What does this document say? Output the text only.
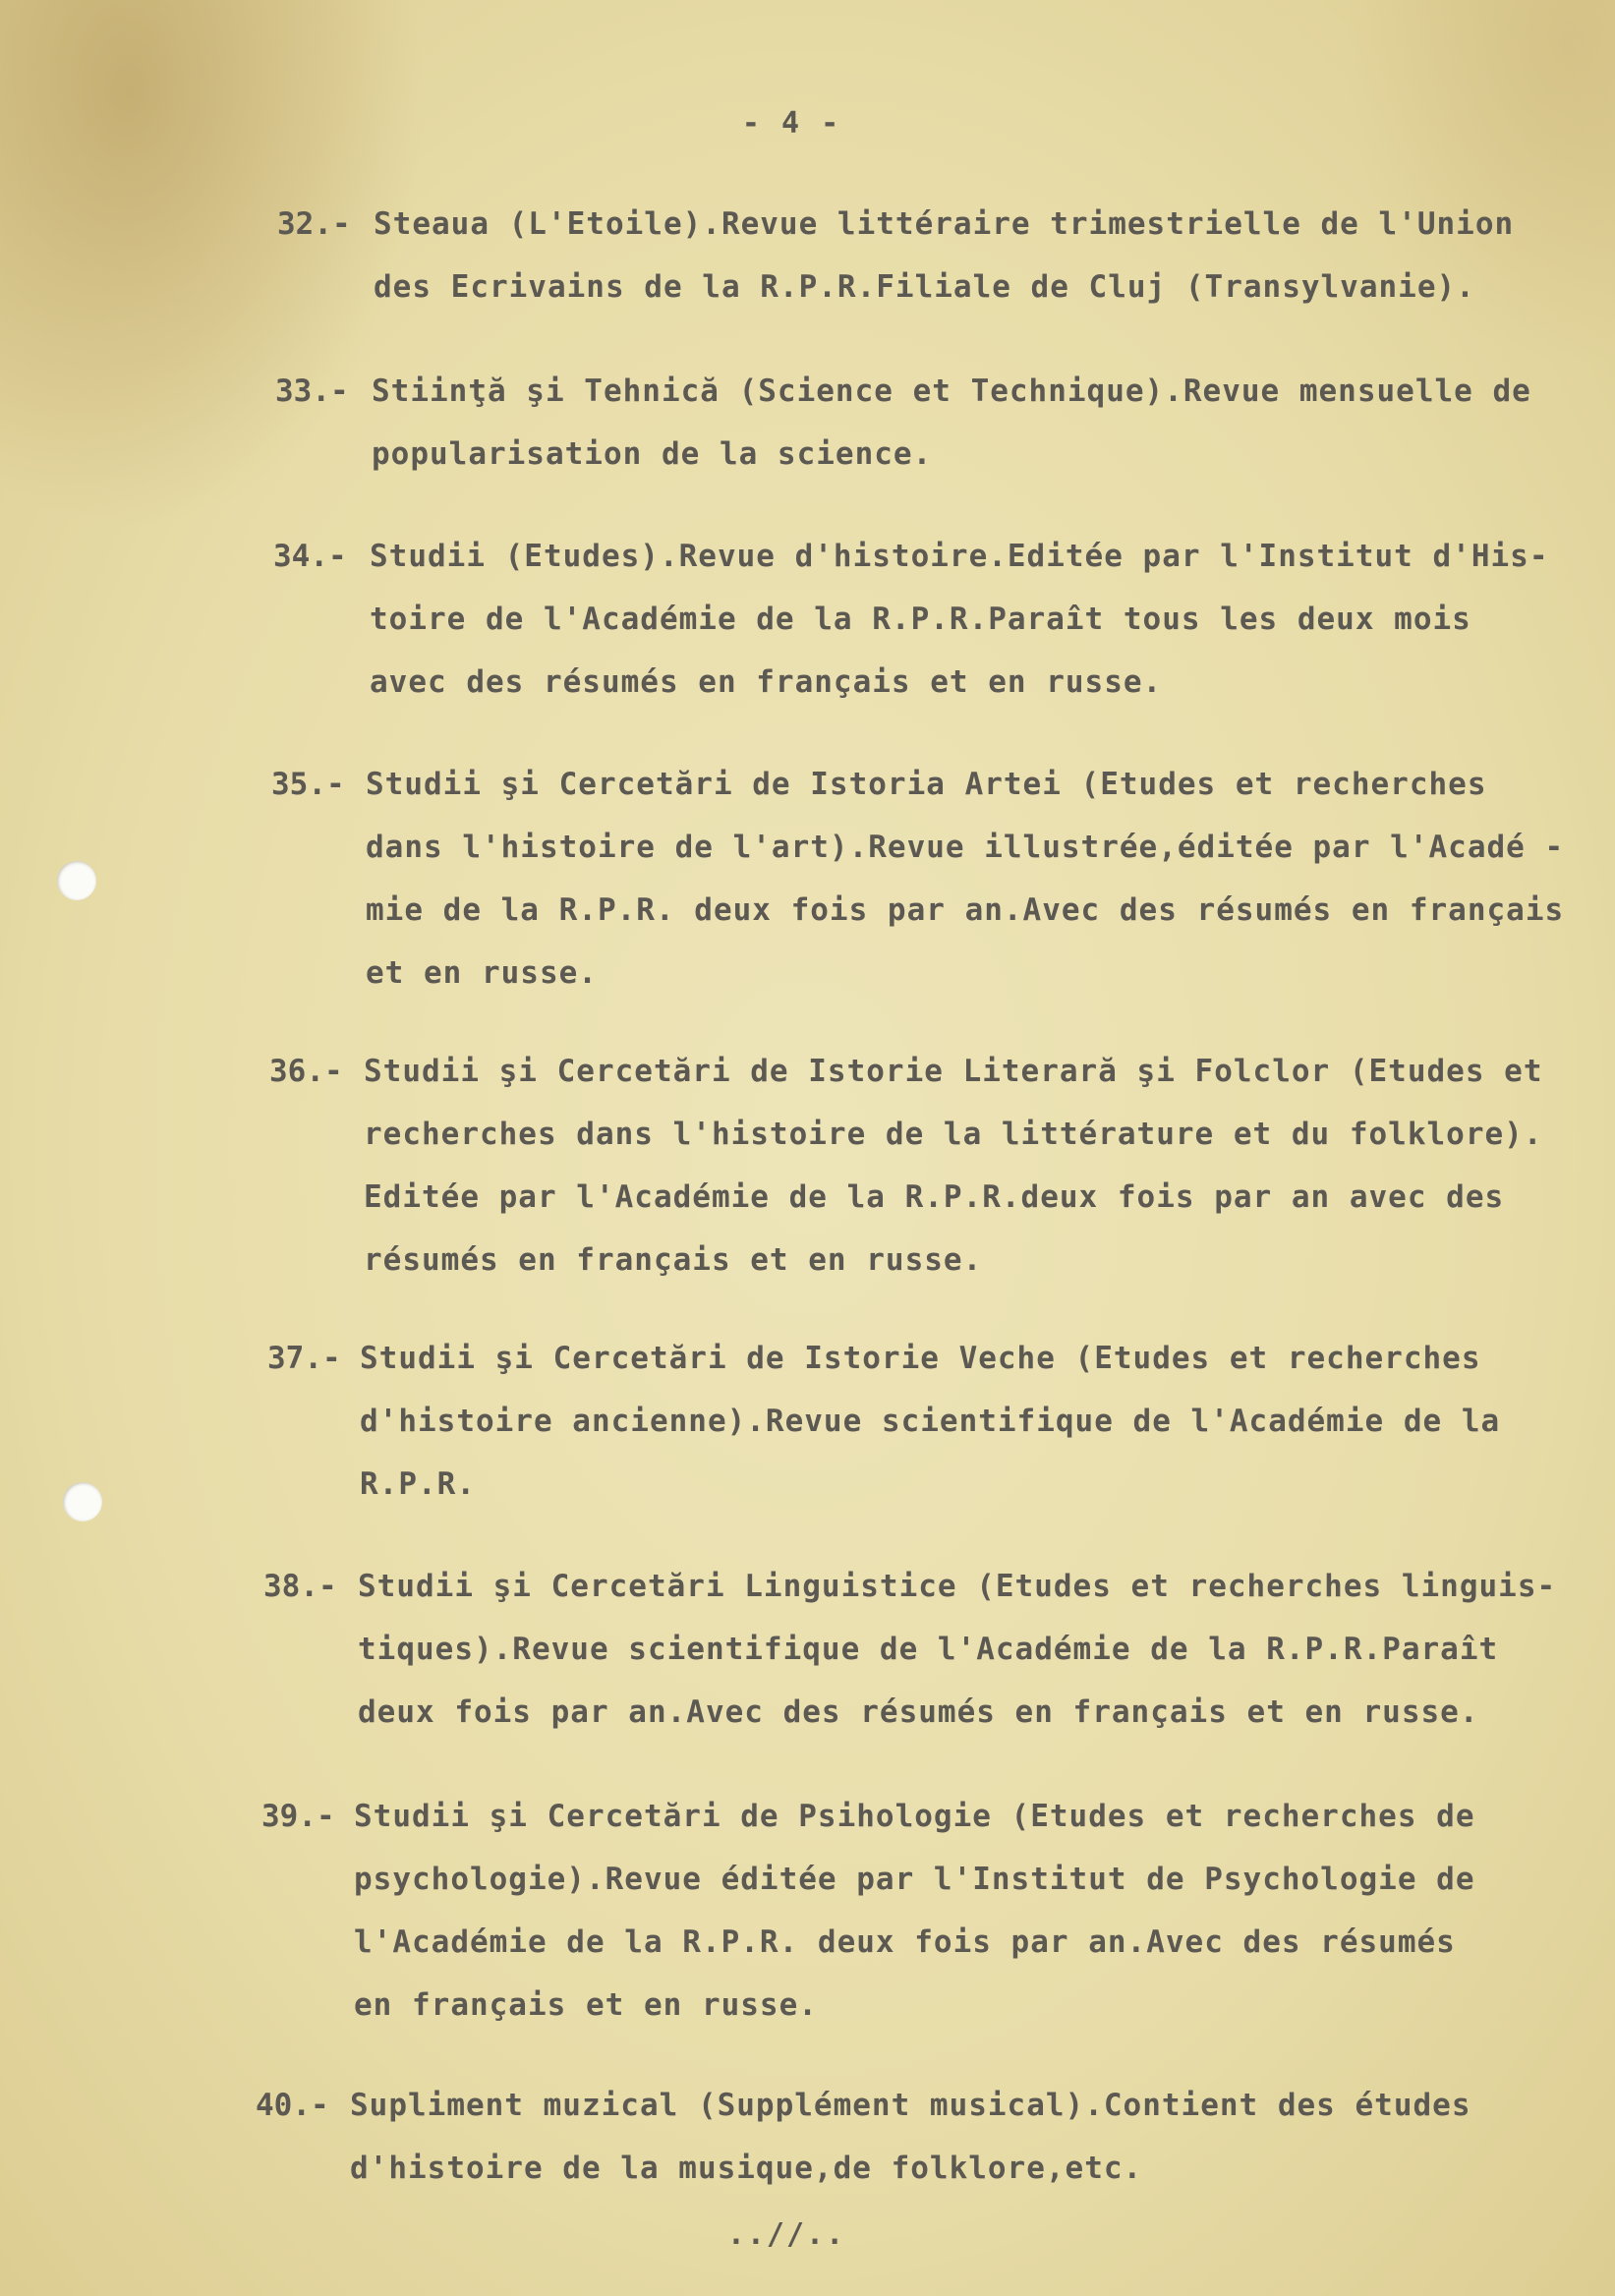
- 4 -
32.- Steaua (L'Etoile).Revue littéraire trimestrielle de l'Union
des Ecrivains de la R.P.R.Filiale de Cluj (Transylvanie).
33.- Stiinţă şi Tehnică (Science et Technique).Revue mensuelle de
popularisation de la science.
34.- Studii (Etudes).Revue d'histoire.Editée par l'Institut d'His-
toire de l'Académie de la R.P.R.Paraît tous les deux mois
avec des résumés en français et en russe.
35.- Studii şi Cercetări de Istoria Artei (Etudes et recherches
dans l'histoire de l'art).Revue illustrée,éditée par l'Acadé -
mie de la R.P.R. deux fois par an.Avec des résumés en français
et en russe.
36.- Studii şi Cercetări de Istorie Literară şi Folclor (Etudes et
recherches dans l'histoire de la littérature et du folklore).
Editée par l'Académie de la R.P.R.deux fois par an avec des
résumés en français et en russe.
37.- Studii şi Cercetări de Istorie Veche (Etudes et recherches
d'histoire ancienne).Revue scientifique de l'Académie de la
R.P.R.
38.- Studii şi Cercetări Linguistice (Etudes et recherches linguis-
tiques).Revue scientifique de l'Académie de la R.P.R.Paraît
deux fois par an.Avec des résumés en français et en russe.
39.- Studii şi Cercetări de Psihologie (Etudes et recherches de
psychologie).Revue éditée par l'Institut de Psychologie de
l'Académie de la R.P.R. deux fois par an.Avec des résumés
en français et en russe.
40.- Supliment muzical (Supplément musical).Contient des études
d'histoire de la musique,de folklore,etc.
..//..
